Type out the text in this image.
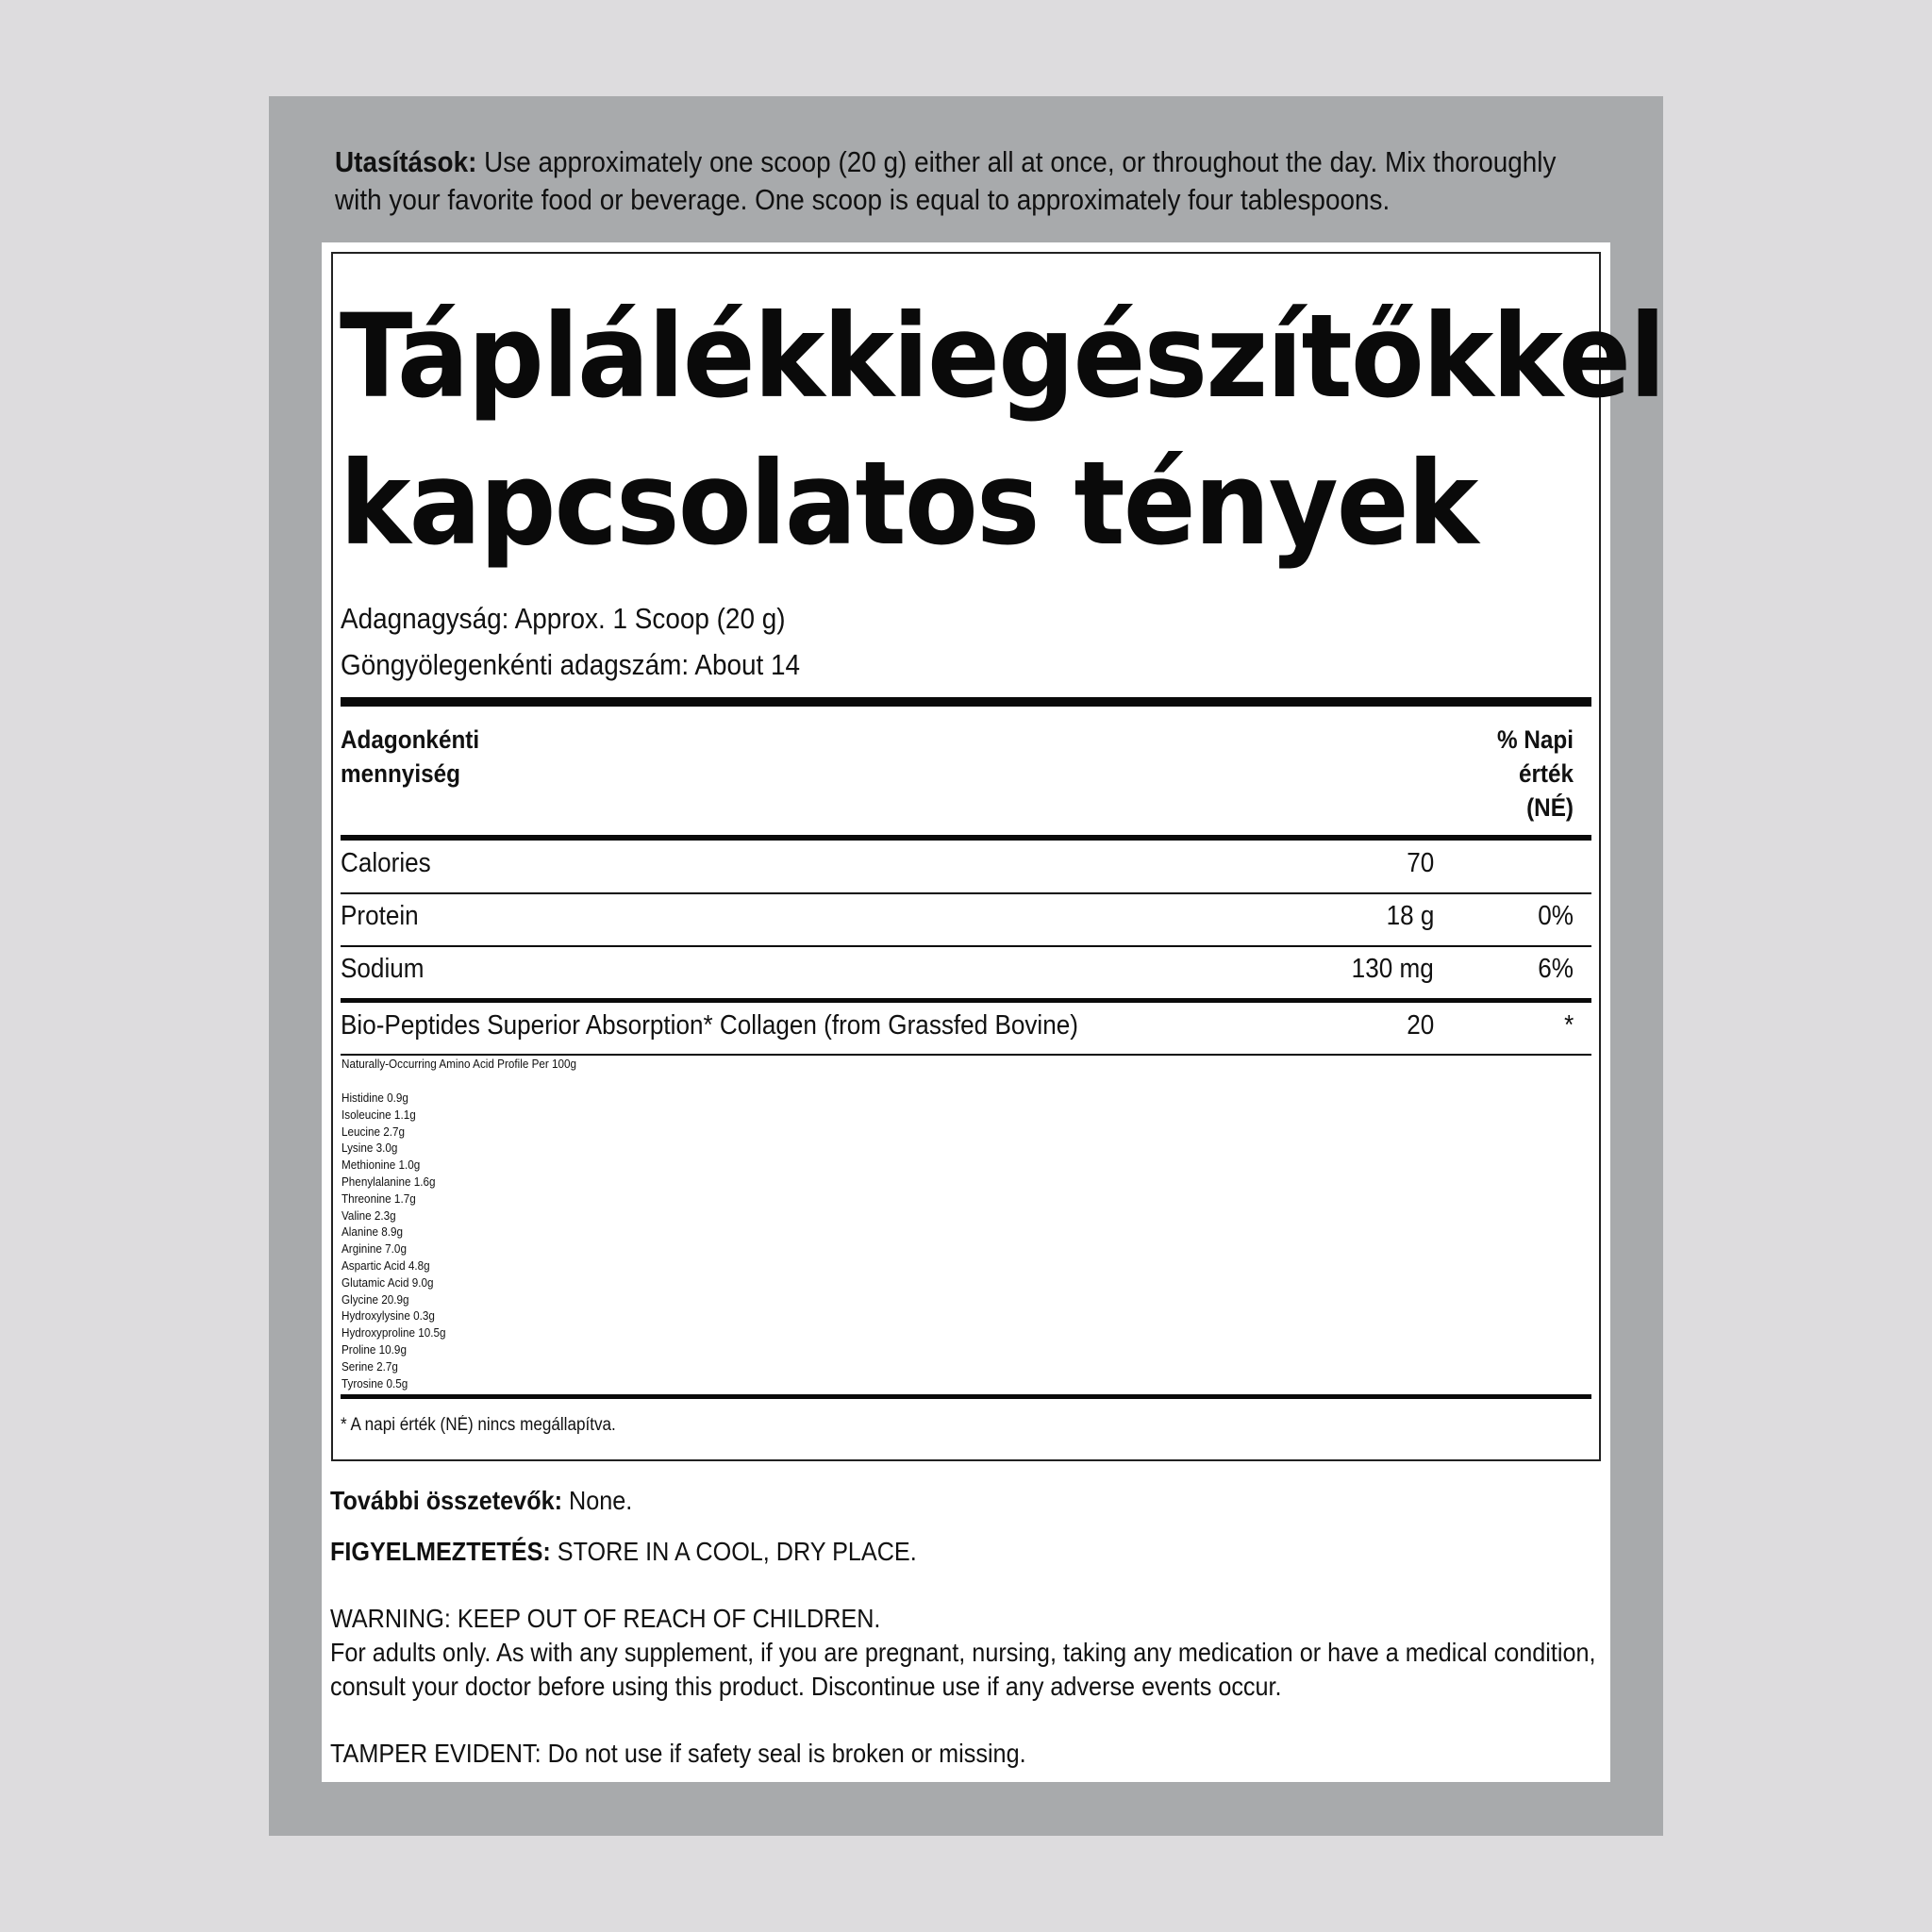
Utasítások: Use approximately one scoop (20 g) either all at once, or throughout the day. Mix thoroughly
with your favorite food or beverage. One scoop is equal to approximately four tablespoons.
Táplálékkiegészítőkkel
kapcsolatos tények
Adagnagyság: Approx. 1 Scoop (20 g)
Göngyölegenkénti adagszám: About 14
Adagonkénti
mennyiség
% Napi
érték
(NÉ)
Calories	70
Protein	18 g	0%
Sodium	130 mg	6%
Bio-Peptides Superior Absorption* Collagen (from Grassfed Bovine)	20	*
Naturally-Occurring Amino Acid Profile Per 100g
Histidine 0.9g
Isoleucine 1.1g
Leucine 2.7g
Lysine 3.0g
Methionine 1.0g
Phenylalanine 1.6g
Threonine 1.7g
Valine 2.3g
Alanine 8.9g
Arginine 7.0g
Aspartic Acid 4.8g
Glutamic Acid 9.0g
Glycine 20.9g
Hydroxylysine 0.3g
Hydroxyproline 10.5g
Proline 10.9g
Serine 2.7g
Tyrosine 0.5g
* A napi érték (NÉ) nincs megállapítva.
További összetevők: None.
FIGYELMEZTETÉS: STORE IN A COOL, DRY PLACE.
WARNING: KEEP OUT OF REACH OF CHILDREN.
For adults only. As with any supplement, if you are pregnant, nursing, taking any medication or have a medical condition,
consult your doctor before using this product. Discontinue use if any adverse events occur.
TAMPER EVIDENT: Do not use if safety seal is broken or missing.
